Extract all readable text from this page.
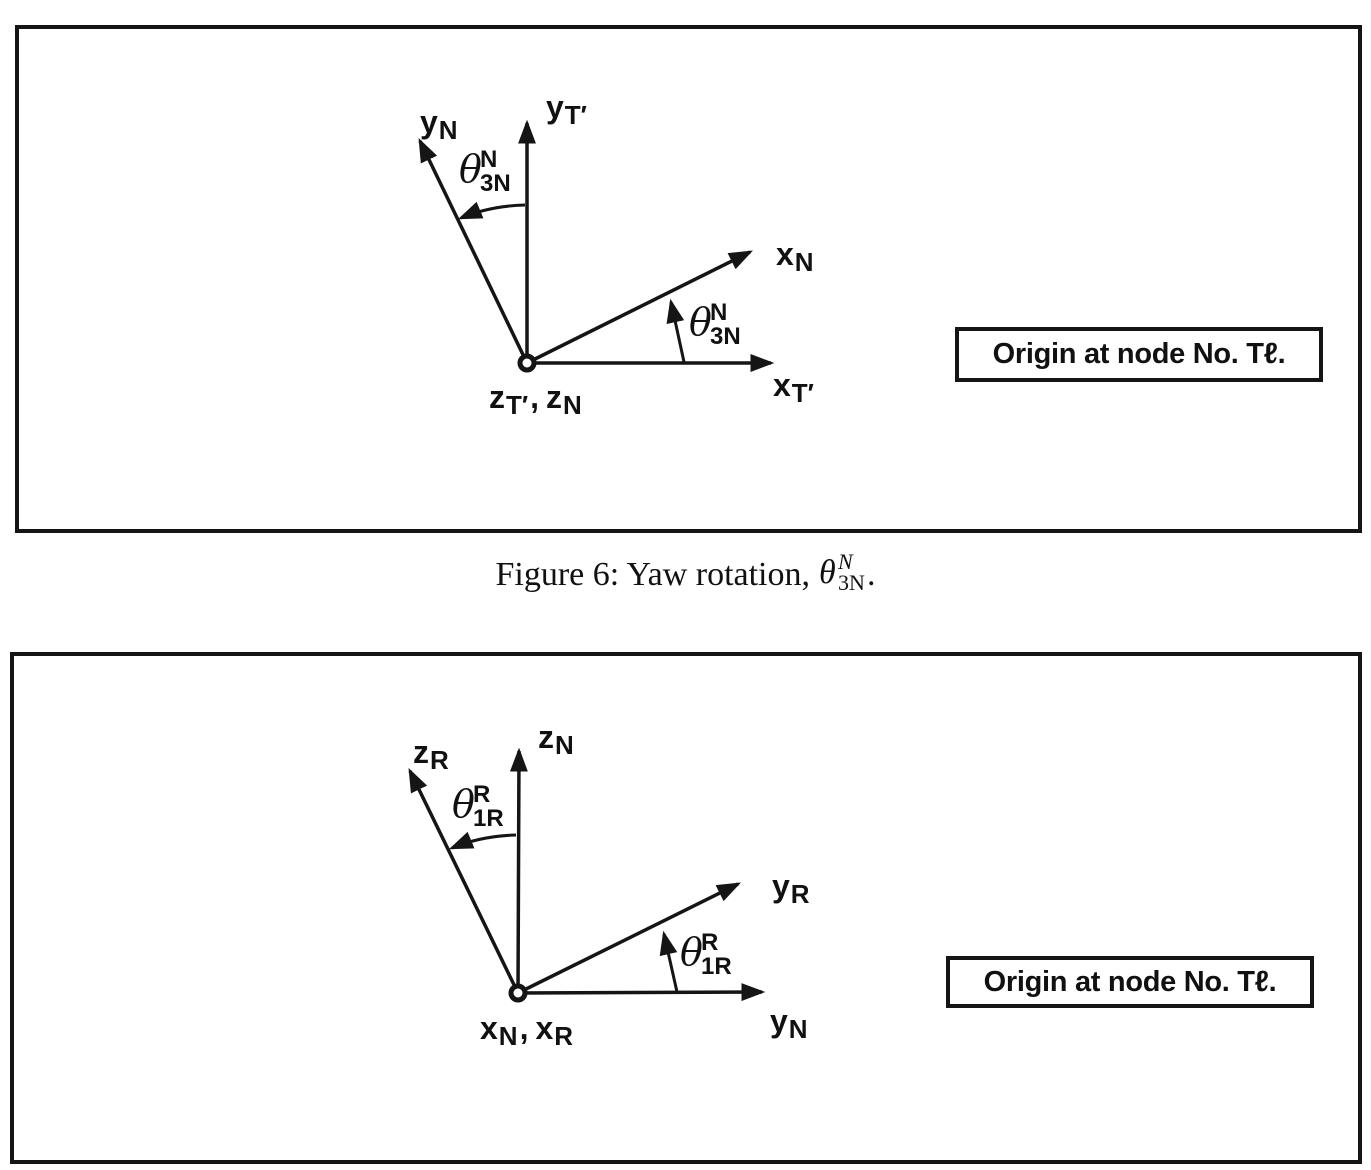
yT′
yN
xN
xT′
zT′, zN
θ
N
3N
θ
N
3N
Origin at node No. Tℓ.
Figure 6: Yaw rotation, θ N
3N .
zN
zR
yR
yN
xN, xR
θ
R
1R
θ
R
1R	Origin at node No. Tℓ.
